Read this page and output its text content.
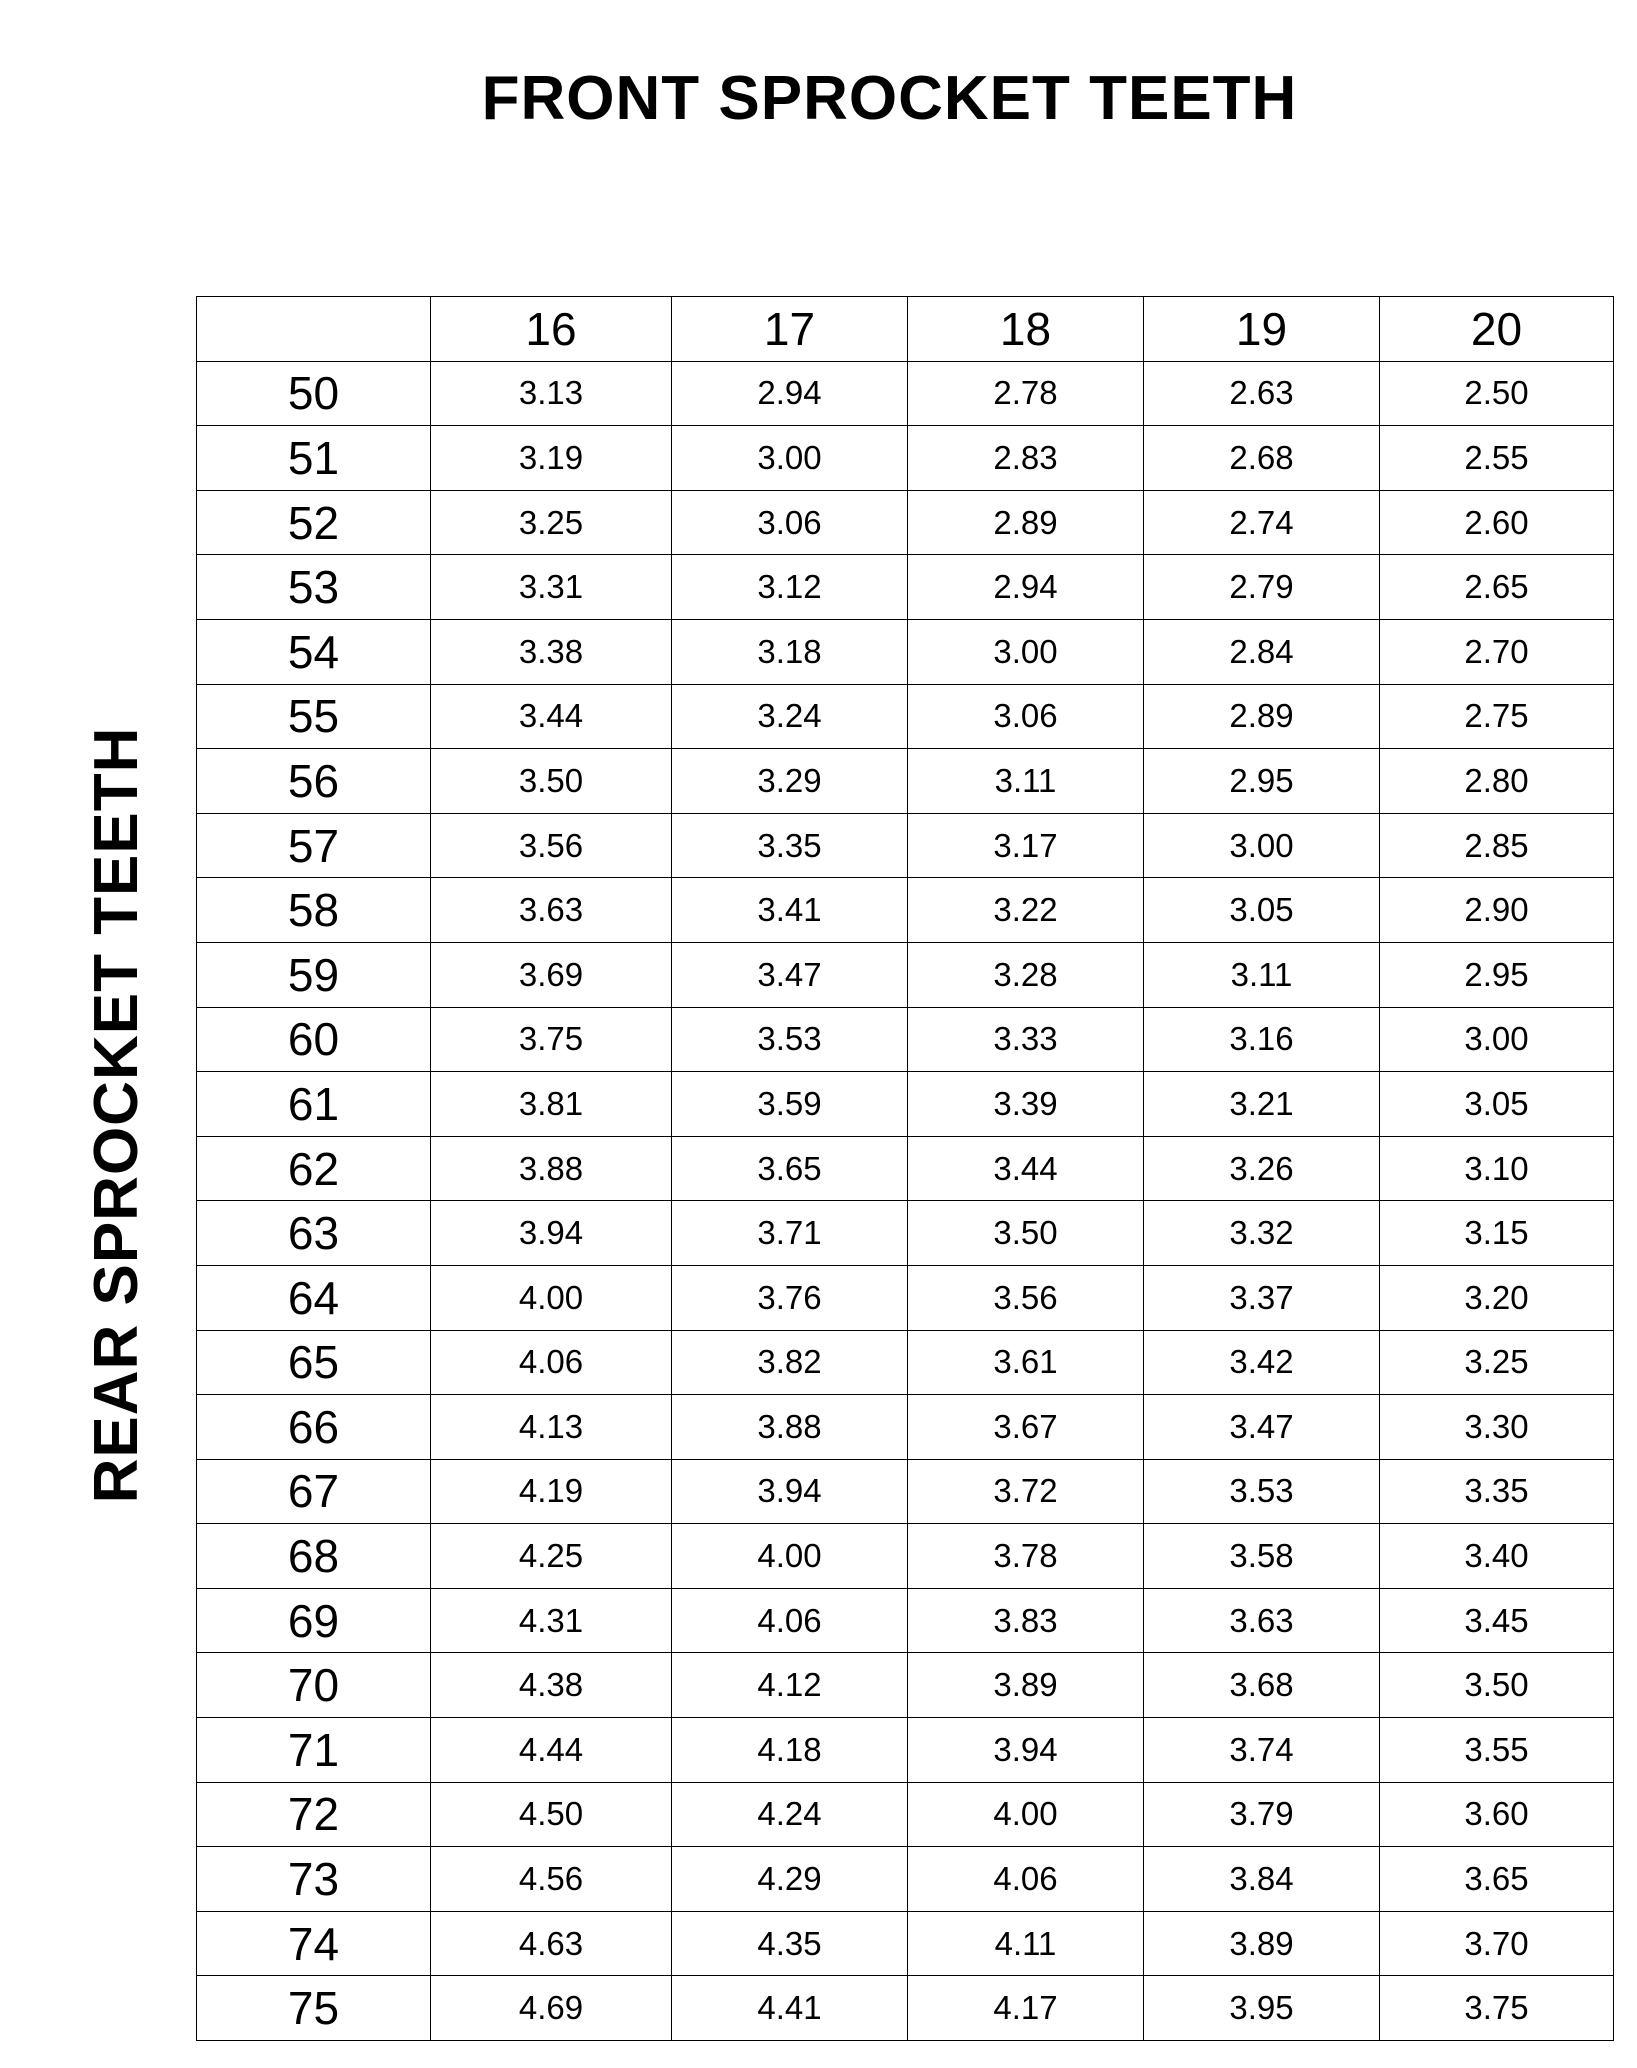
FRONT SPROCKET TEETH
REAR SPROCKET TEETH
	16	17	18	19	20
50	3.13	2.94	2.78	2.63	2.50
51	3.19	3.00	2.83	2.68	2.55
52	3.25	3.06	2.89	2.74	2.60
53	3.31	3.12	2.94	2.79	2.65
54	3.38	3.18	3.00	2.84	2.70
55	3.44	3.24	3.06	2.89	2.75
56	3.50	3.29	3.11	2.95	2.80
57	3.56	3.35	3.17	3.00	2.85
58	3.63	3.41	3.22	3.05	2.90
59	3.69	3.47	3.28	3.11	2.95
60	3.75	3.53	3.33	3.16	3.00
61	3.81	3.59	3.39	3.21	3.05
62	3.88	3.65	3.44	3.26	3.10
63	3.94	3.71	3.50	3.32	3.15
64	4.00	3.76	3.56	3.37	3.20
65	4.06	3.82	3.61	3.42	3.25
66	4.13	3.88	3.67	3.47	3.30
67	4.19	3.94	3.72	3.53	3.35
68	4.25	4.00	3.78	3.58	3.40
69	4.31	4.06	3.83	3.63	3.45
70	4.38	4.12	3.89	3.68	3.50
71	4.44	4.18	3.94	3.74	3.55
72	4.50	4.24	4.00	3.79	3.60
73	4.56	4.29	4.06	3.84	3.65
74	4.63	4.35	4.11	3.89	3.70
75	4.69	4.41	4.17	3.95	3.75
